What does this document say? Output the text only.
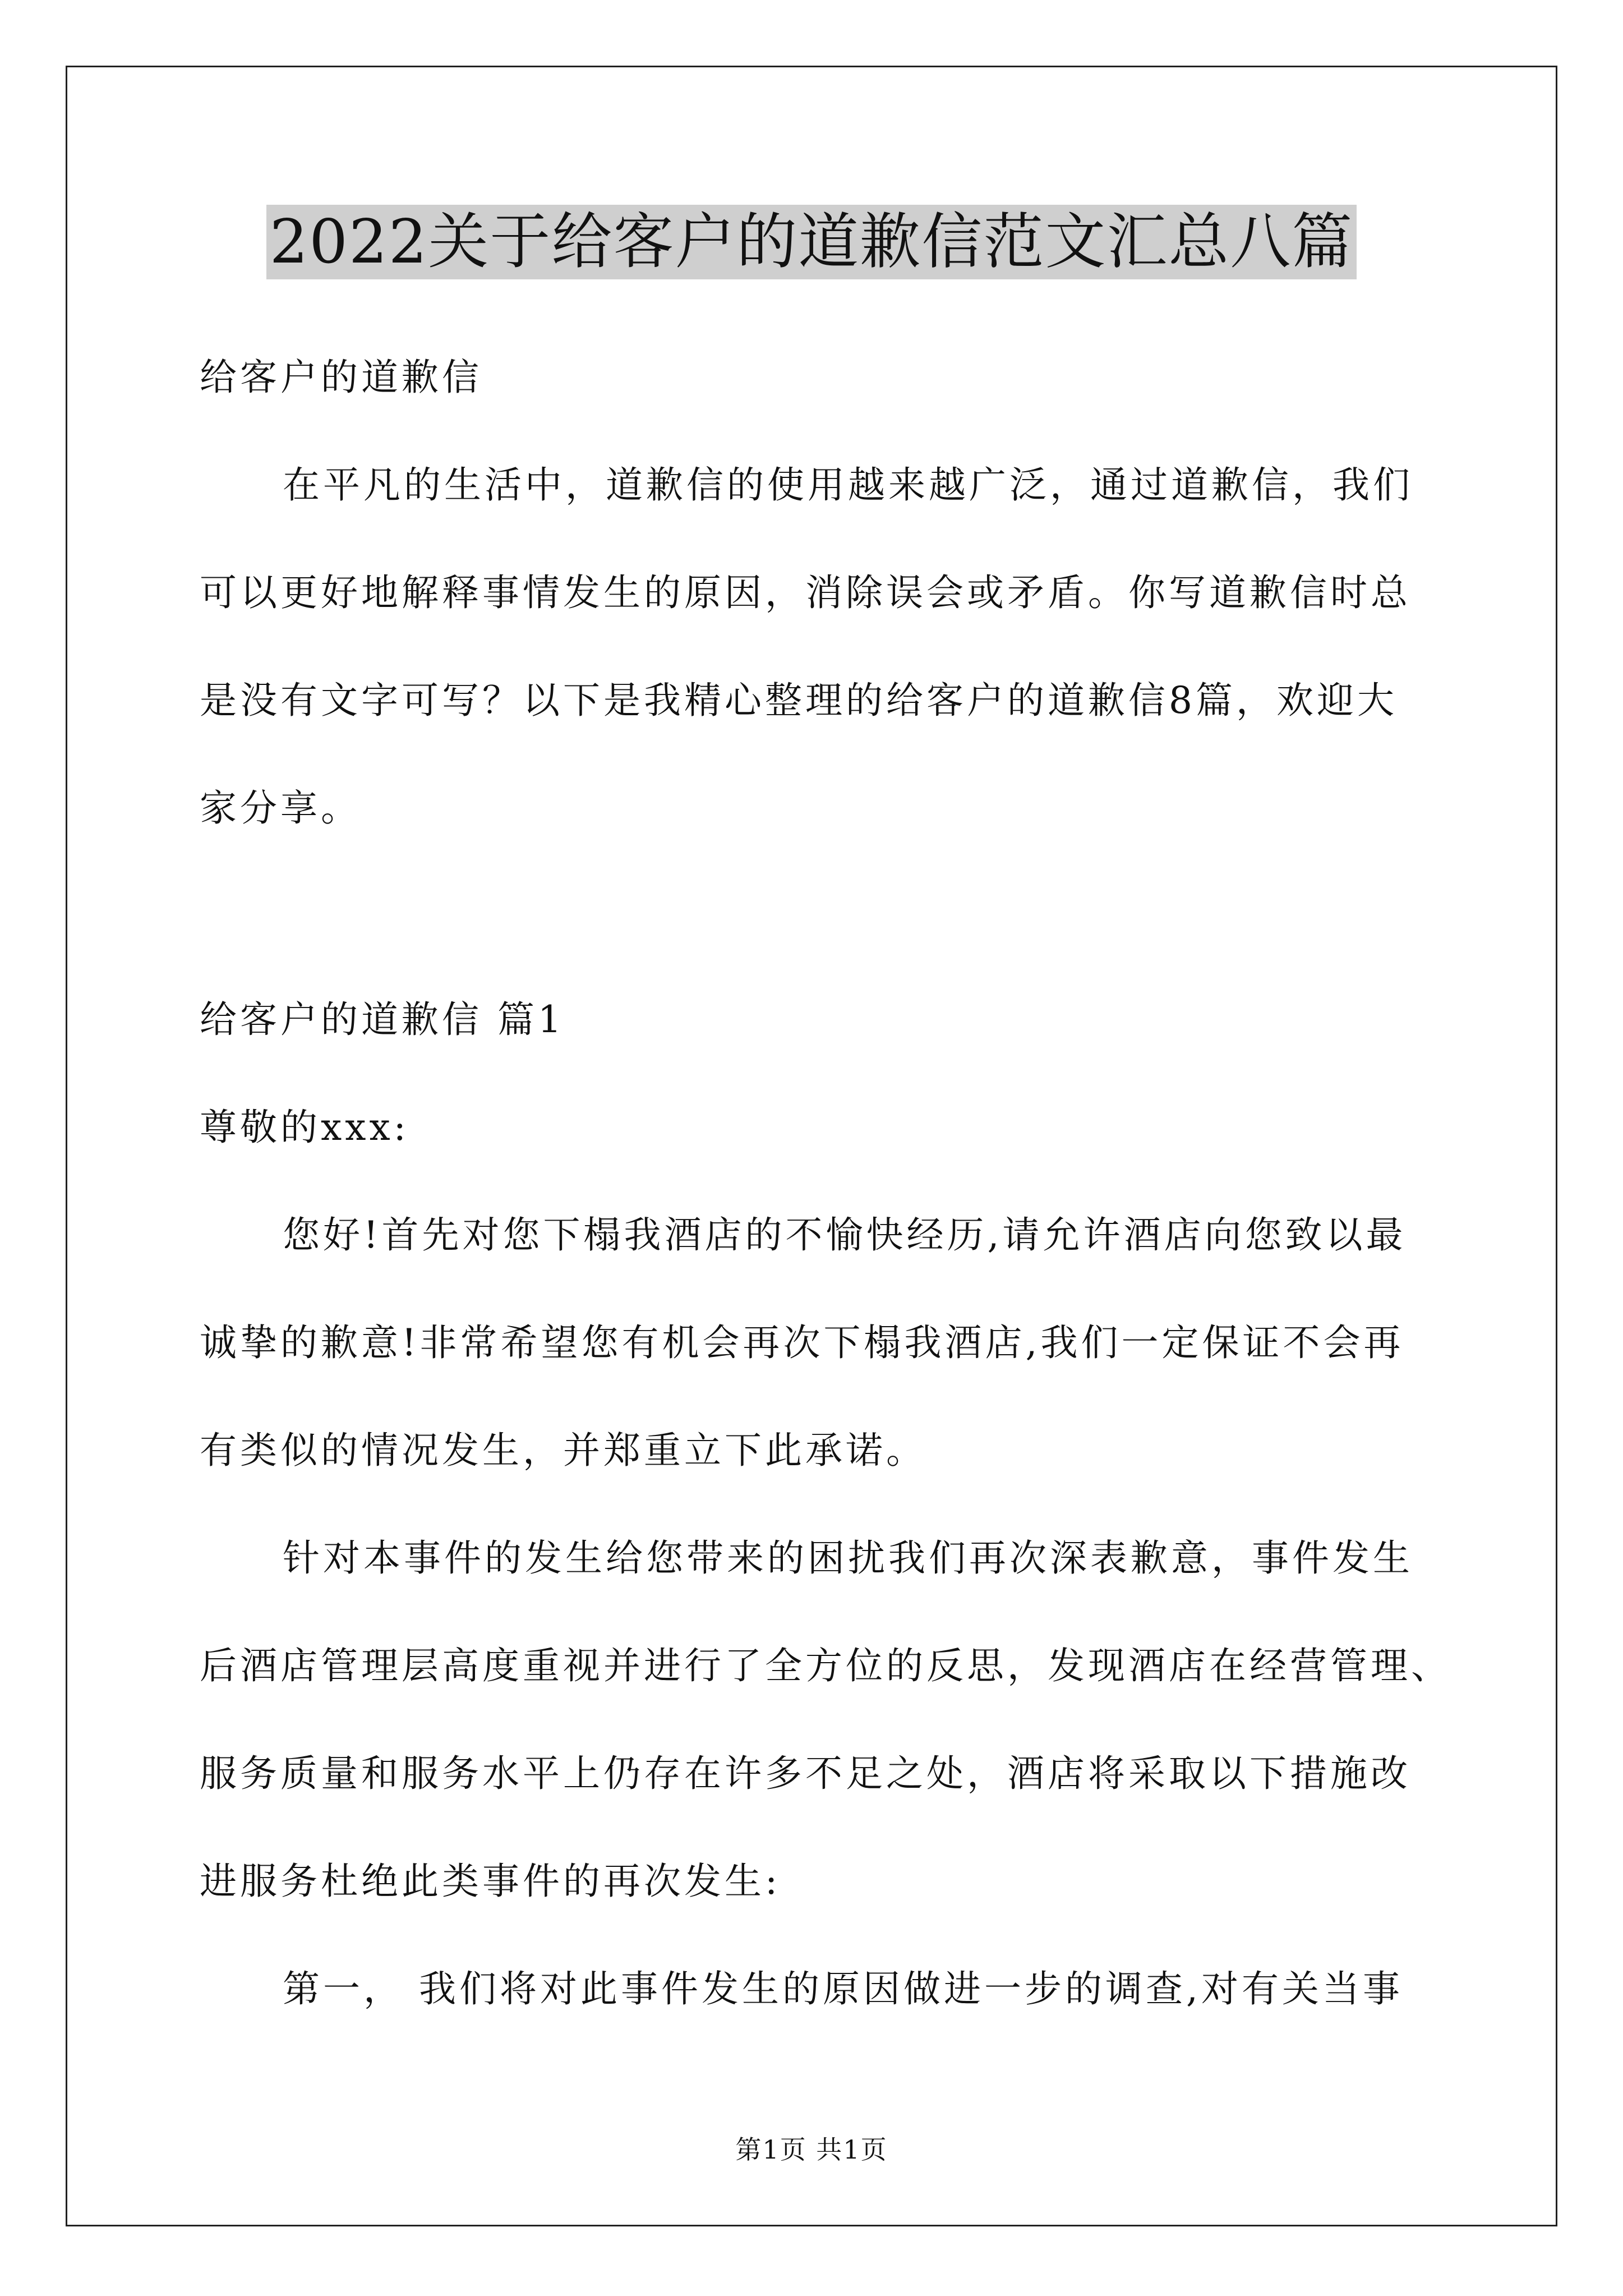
2022关于给客户的道歉信范文汇总八篇
给客户的道歉信
在平凡的生活中，道歉信的使用越来越广泛，通过道歉信，我们
可以更好地解释事情发生的原因，消除误会或矛盾。你写道歉信时总
是没有文字可写？以下是我精心整理的给客户的道歉信8篇，欢迎大
家分享。
给客户的道歉信 篇1
尊敬的xxx:
您好!首先对您下榻我酒店的不愉快经历,请允许酒店向您致以最
诚挚的歉意!非常希望您有机会再次下榻我酒店,我们一定保证不会再
有类似的情况发生，并郑重立下此承诺。
针对本事件的发生给您带来的困扰我们再次深表歉意，事件发生
后酒店管理层高度重视并进行了全方位的反思，发现酒店在经营管理、
服务质量和服务水平上仍存在许多不足之处，酒店将采取以下措施改
进服务杜绝此类事件的再次发生:
第一， 我们将对此事件发生的原因做进一步的调查,对有关当事
第1页 共1页
